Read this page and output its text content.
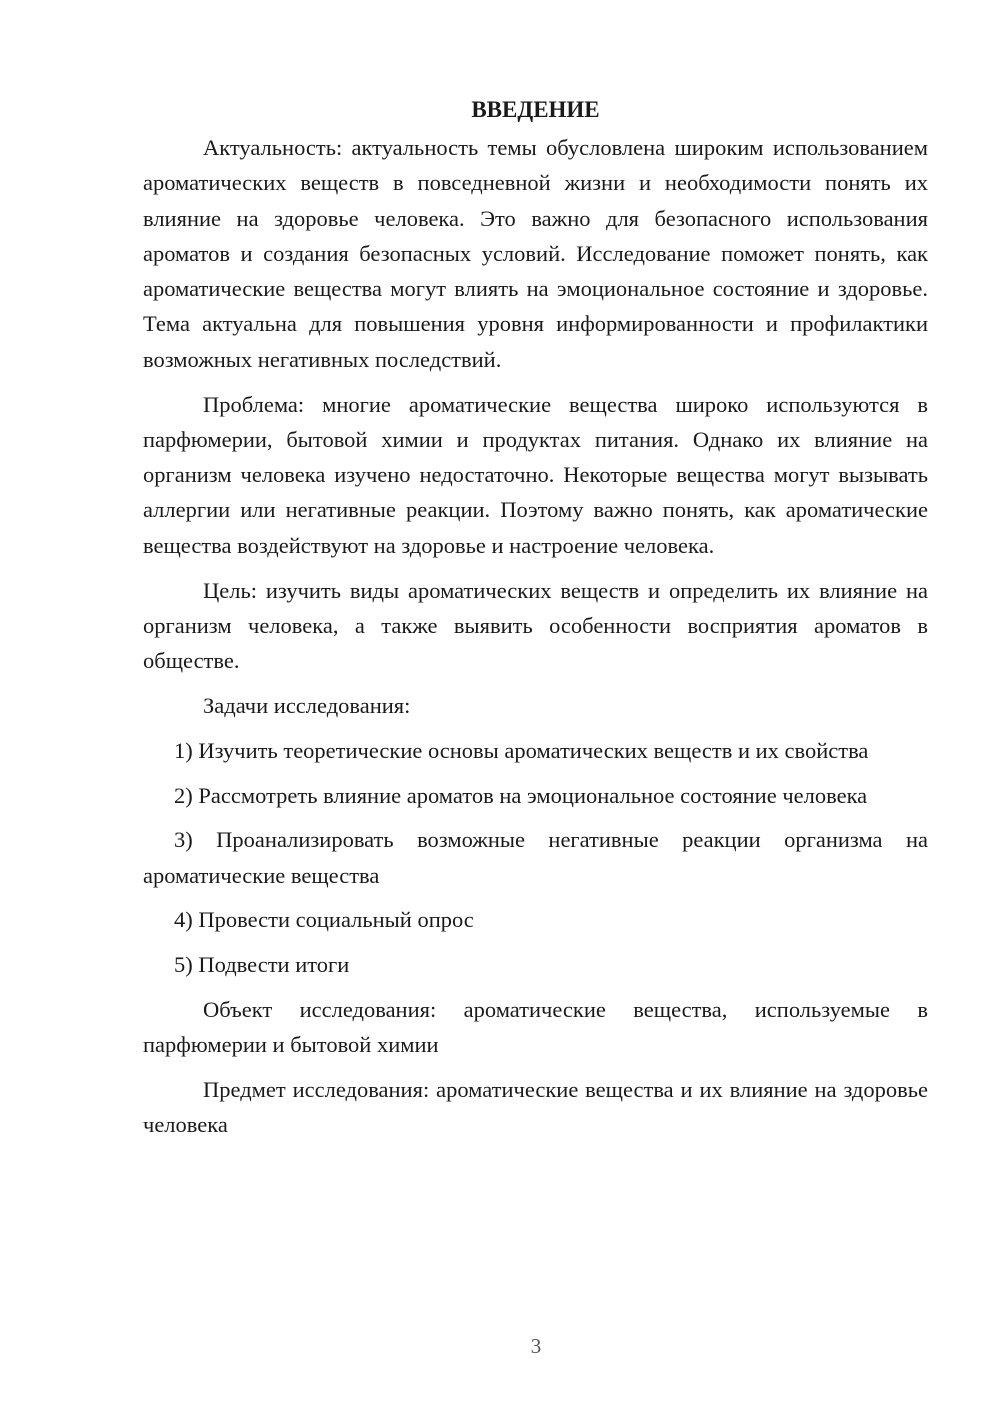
ВВЕДЕНИЕ

Актуальность: актуальность темы обусловлена широким использованием ароматических веществ в повседневной жизни и необходимости понять их влияние на здоровье человека. Это важно для безопасного использования ароматов и создания безопасных условий. Исследование поможет понять, как ароматические вещества могут влиять на эмоциональное состояние и здоровье. Тема актуальна для повышения уровня информированности и профилактики возможных негативных последствий.

Проблема: многие ароматические вещества широко используются в парфюмерии, бытовой химии и продуктах питания. Однако их влияние на организм человека изучено недостаточно. Некоторые вещества могут вызывать аллергии или негативные реакции. Поэтому важно понять, как ароматические вещества воздействуют на здоровье и настроение человека.

Цель: изучить виды ароматических веществ и определить их влияние на организм человека, а также выявить особенности восприятия ароматов в обществе.

Задачи исследования:

1) Изучить теоретические основы ароматических веществ и их свойства

2) Рассмотреть влияние ароматов на эмоциональное состояние человека

3) Проанализировать возможные негативные реакции организма на ароматические вещества

4) Провести социальный опрос

5) Подвести итоги

Объект исследования: ароматические вещества, используемые в парфюмерии и бытовой химии

Предмет исследования: ароматические вещества и их влияние на здоровье человека

3
